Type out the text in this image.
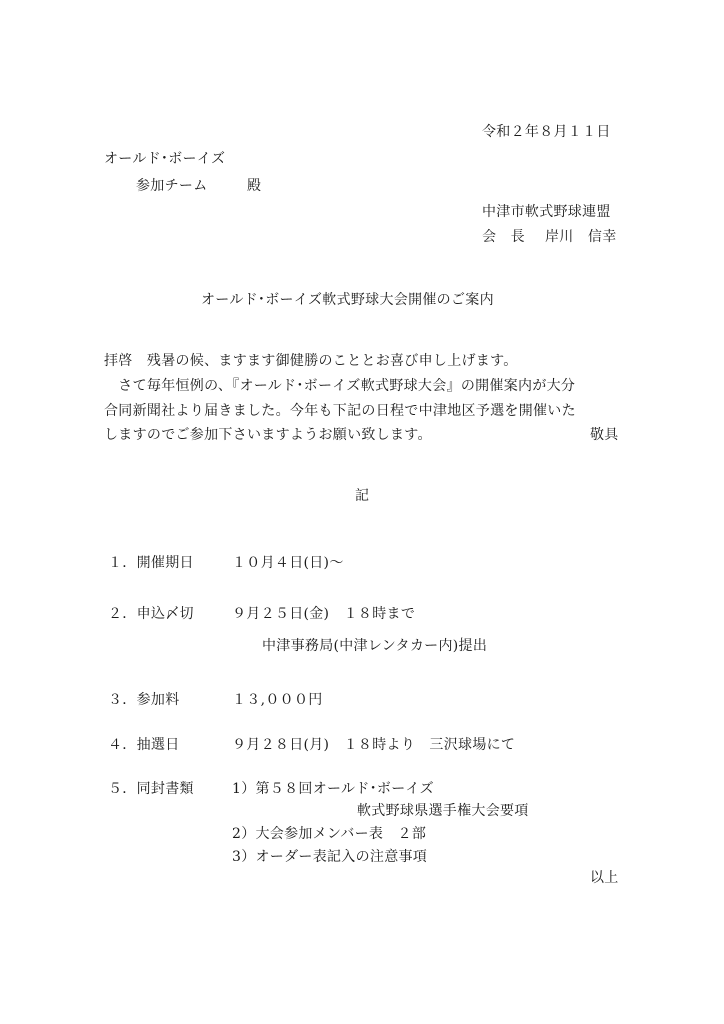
令和２年８月１１日
オールド･ボーイズ
参加チーム	殿
中津市軟式野球連盟
会　長 岸川　信幸
オールド･ボーイズ軟式野球大会開催のご案内
拝啓　残暑の候、ますます御健勝のこととお喜び申し上げます。
　さて毎年恒例の、『オールド･ボーイズ軟式野球大会』の開催案内が大分
合同新聞社より届きました。今年も下記の日程で中津地区予選を開催いた
しますのでご参加下さいますようお願い致します。	敬具
記
１．開催期日	１０月４日(日)～
２．申込〆切	９月２５日(金)　１８時まで
中津事務局(中津レンタカー内)提出
３．参加料	１３,０００円
４．抽選日	９月２８日(月)　１８時より　三沢球場にて
５．同封書類	1）第５８回オールド･ボーイズ
軟式野球県選手権大会要項
2）大会参加メンバー表　２部
3）オーダー表記入の注意事項
以上
